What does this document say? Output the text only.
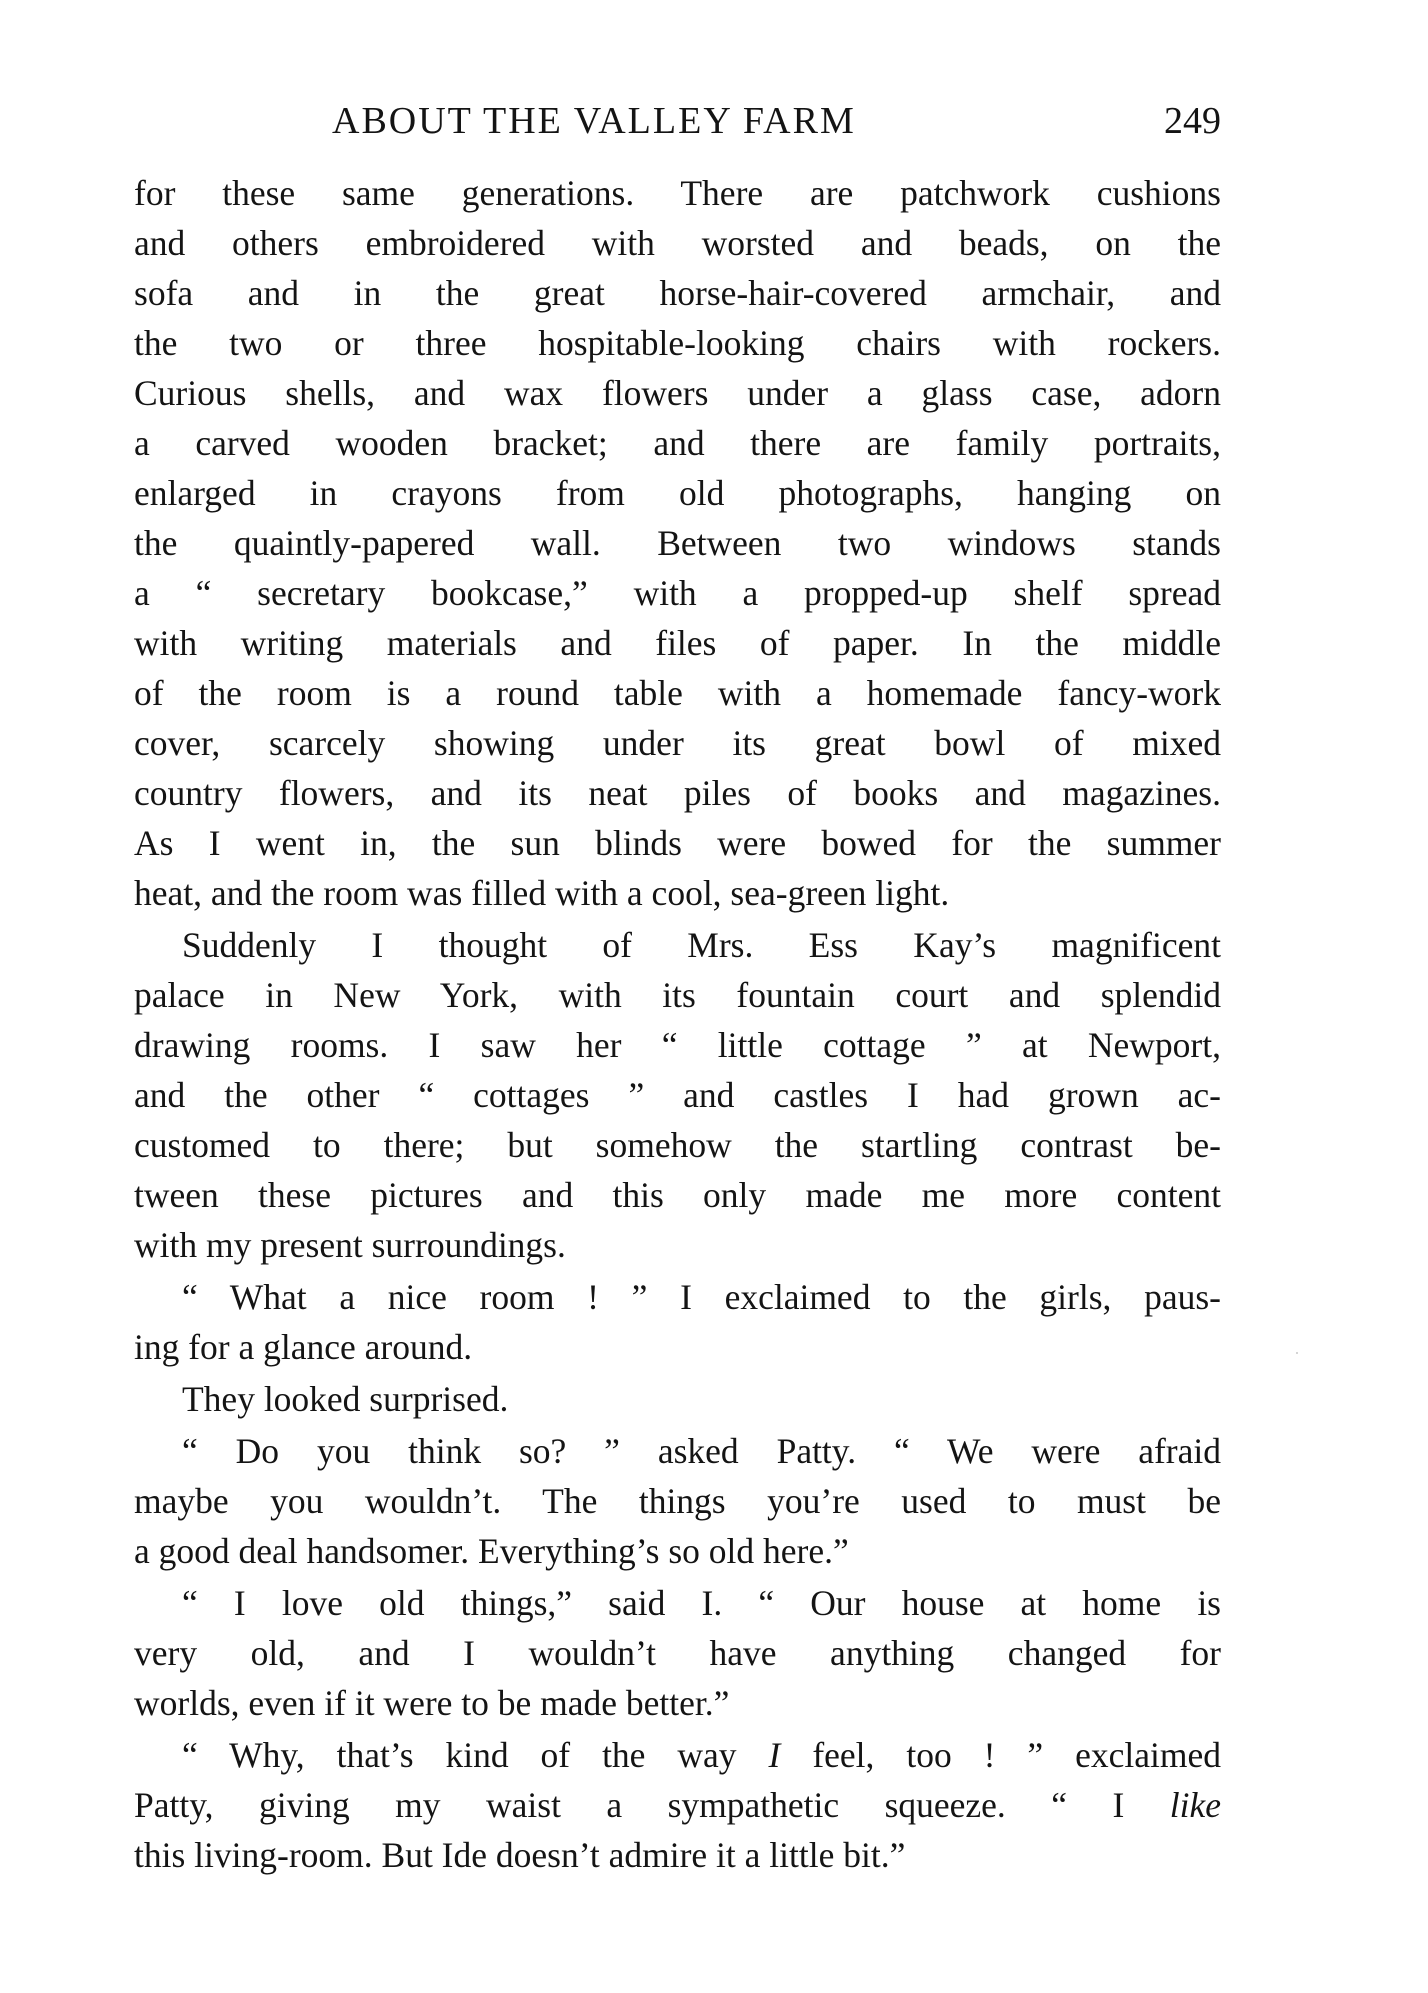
ABOUT THE VALLEY FARM	249
for these same generations. There are patchwork cushions
and others embroidered with worsted and beads, on the
sofa and in the great horse-hair-covered armchair, and
the two or three hospitable-looking chairs with rockers.
Curious shells, and wax flowers under a glass case, adorn
a carved wooden bracket; and there are family portraits,
enlarged in crayons from old photographs, hanging on
the quaintly-papered wall. Between two windows stands
a “ secretary bookcase,” with a propped-up shelf spread
with writing materials and files of paper. In the middle
of the room is a round table with a homemade fancy-work
cover, scarcely showing under its great bowl of mixed
country flowers, and its neat piles of books and magazines.
As I went in, the sun blinds were bowed for the summer
heat, and the room was filled with a cool, sea-green light.
Suddenly I thought of Mrs. Ess Kay’s magnificent
palace in New York, with its fountain court and splendid
drawing rooms. I saw her “ little cottage ” at Newport,
and the other “ cottages ” and castles I had grown ac-
customed to there; but somehow the startling contrast be-
tween these pictures and this only made me more content
with my present surroundings.
“ What a nice room ! ” I exclaimed to the girls, paus-
ing for a glance around.
They looked surprised.
“ Do you think so? ” asked Patty. “ We were afraid
maybe you wouldn’t. The things you’re used to must be
a good deal handsomer. Everything’s so old here.”
“ I love old things,” said I. “ Our house at home is
very old, and I wouldn’t have anything changed for
worlds, even if it were to be made better.”
“ Why, that’s kind of the way I feel, too ! ” exclaimed
Patty, giving my waist a sympathetic squeeze. “ I like
this living-room. But Ide doesn’t admire it a little bit.”
